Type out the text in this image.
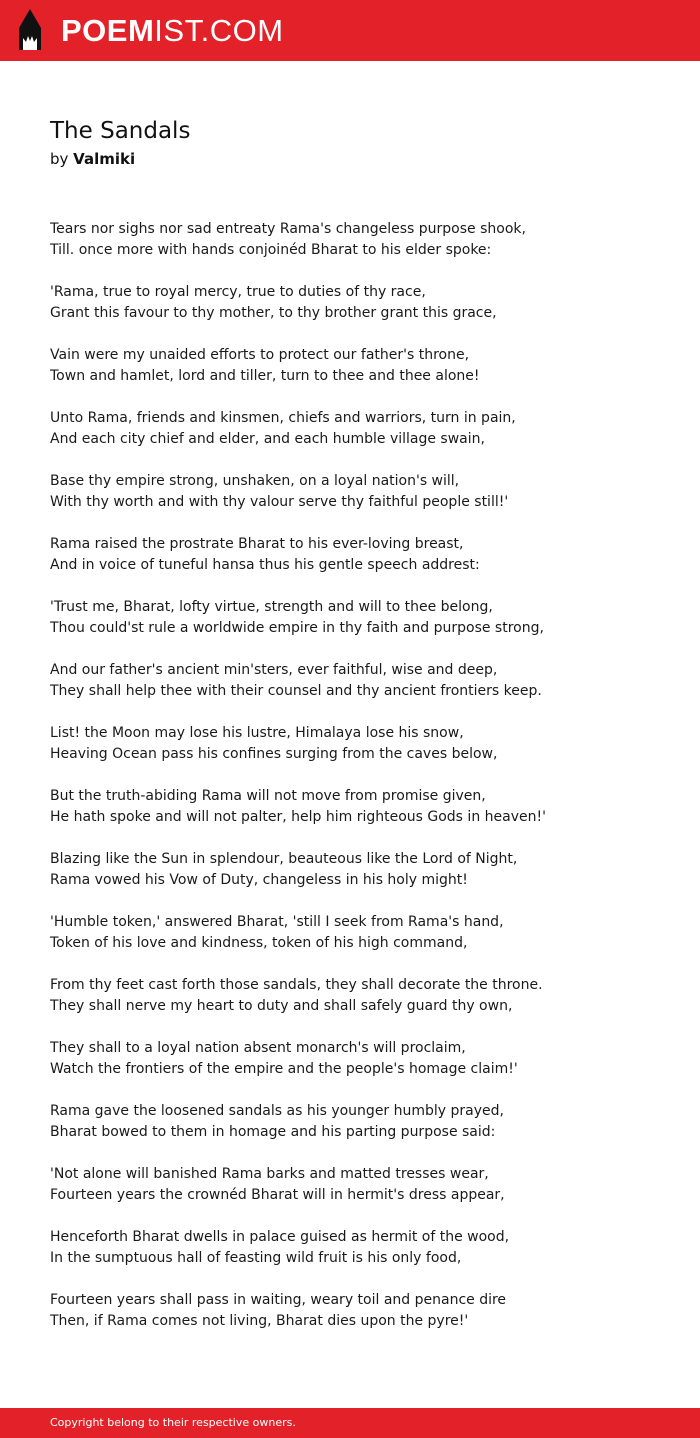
POEMIST.COM
The Sandals
by Valmiki
Tears nor sighs nor sad entreaty Rama's changeless purpose shook,
Till. once more with hands conjoinéd Bharat to his elder spoke:
'Rama, true to royal mercy, true to duties of thy race,
Grant this favour to thy mother, to thy brother grant this grace,
Vain were my unaided efforts to protect our father's throne,
Town and hamlet, lord and tiller, turn to thee and thee alone!
Unto Rama, friends and kinsmen, chiefs and warriors, turn in pain,
And each city chief and elder, and each humble village swain,
Base thy empire strong, unshaken, on a loyal nation's will,
With thy worth and with thy valour serve thy faithful people still!'
Rama raised the prostrate Bharat to his ever-loving breast,
And in voice of tuneful hansa thus his gentle speech addrest:
'Trust me, Bharat, lofty virtue, strength and will to thee belong,
Thou could'st rule a worldwide empire in thy faith and purpose strong,
And our father's ancient min'sters, ever faithful, wise and deep,
They shall help thee with their counsel and thy ancient frontiers keep.
List! the Moon may lose his lustre, Himalaya lose his snow,
Heaving Ocean pass his confines surging from the caves below,
But the truth-abiding Rama will not move from promise given,
He hath spoke and will not palter, help him righteous Gods in heaven!'
Blazing like the Sun in splendour, beauteous like the Lord of Night,
Rama vowed his Vow of Duty, changeless in his holy might!
'Humble token,' answered Bharat, 'still I seek from Rama's hand,
Token of his love and kindness, token of his high command,
From thy feet cast forth those sandals, they shall decorate the throne.
They shall nerve my heart to duty and shall safely guard thy own,
They shall to a loyal nation absent monarch's will proclaim,
Watch the frontiers of the empire and the people's homage claim!'
Rama gave the loosened sandals as his younger humbly prayed,
Bharat bowed to them in homage and his parting purpose said:
'Not alone will banished Rama barks and matted tresses wear,
Fourteen years the crownéd Bharat will in hermit's dress appear,
Henceforth Bharat dwells in palace guised as hermit of the wood,
In the sumptuous hall of feasting wild fruit is his only food,
Fourteen years shall pass in waiting, weary toil and penance dire
Then, if Rama comes not living, Bharat dies upon the pyre!'
Copyright belong to their respective owners.
